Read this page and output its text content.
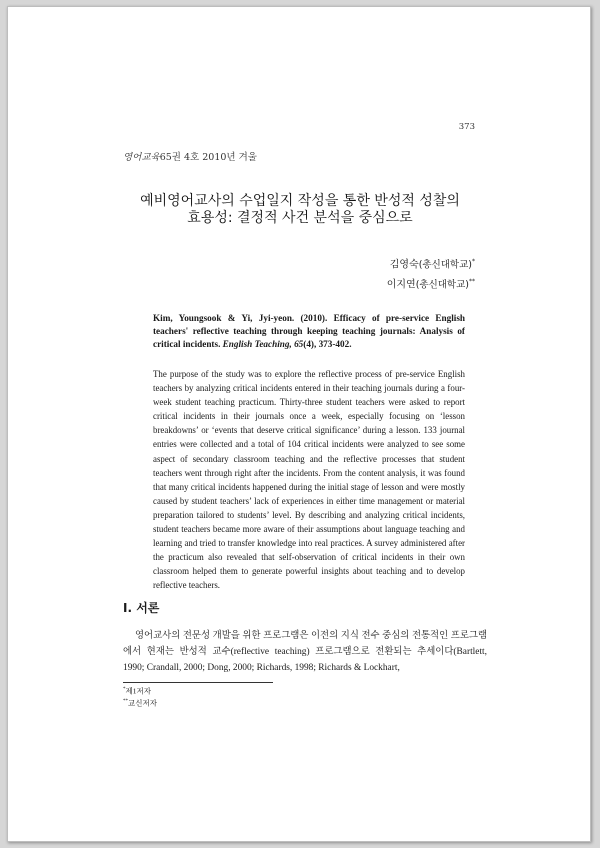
373
영어교육65권 4호 2010년 겨울
예비영어교사의 수업일지 작성을 통한 반성적 성찰의
효용성: 결정적 사건 분석을 중심으로
김영숙(총신대학교)*
이지연(총신대학교)**
Kim, Youngsook & Yi, Jyi-yeon. (2010). Efficacy of pre-service English teachers' reflective teaching through keeping teaching journals: Analysis of critical incidents. English Teaching, 65(4), 373-402.
The purpose of the study was to explore the reflective process of pre-service English teachers by analyzing critical incidents entered in their teaching journals during a four-week student teaching practicum. Thirty-three student teachers were asked to report critical incidents in their journals once a week, especially focusing on ‘lesson breakdowns’ or ‘events that deserve critical significance’ during a lesson. 133 journal entries were collected and a total of 104 critical incidents were analyzed to see some aspect of secondary classroom teaching and the reflective processes that student teachers went through right after the incidents. From the content analysis, it was found that many critical incidents happened during the initial stage of lesson and were mostly caused by student teachers’ lack of experiences in either time management or material preparation tailored to students’ level. By describing and analyzing critical incidents, student teachers became more aware of their assumptions about language teaching and learning and tried to transfer knowledge into real practices. A survey administered after the practicum also revealed that self-observation of critical incidents in their own classroom helped them to generate powerful insights about teaching and to develop reflective teachers.
I. 서론
영어교사의 전문성 개발을 위한 프로그램은 이전의 지식 전수 중심의 전통적인 프로그램에서 현재는 반성적 교수(reflective teaching) 프로그램으로 전환되는 추세이다(Bartlett, 1990; Crandall, 2000; Dong, 2000; Richards, 1998; Richards & Lockhart,
*제1저자
**교신저자
